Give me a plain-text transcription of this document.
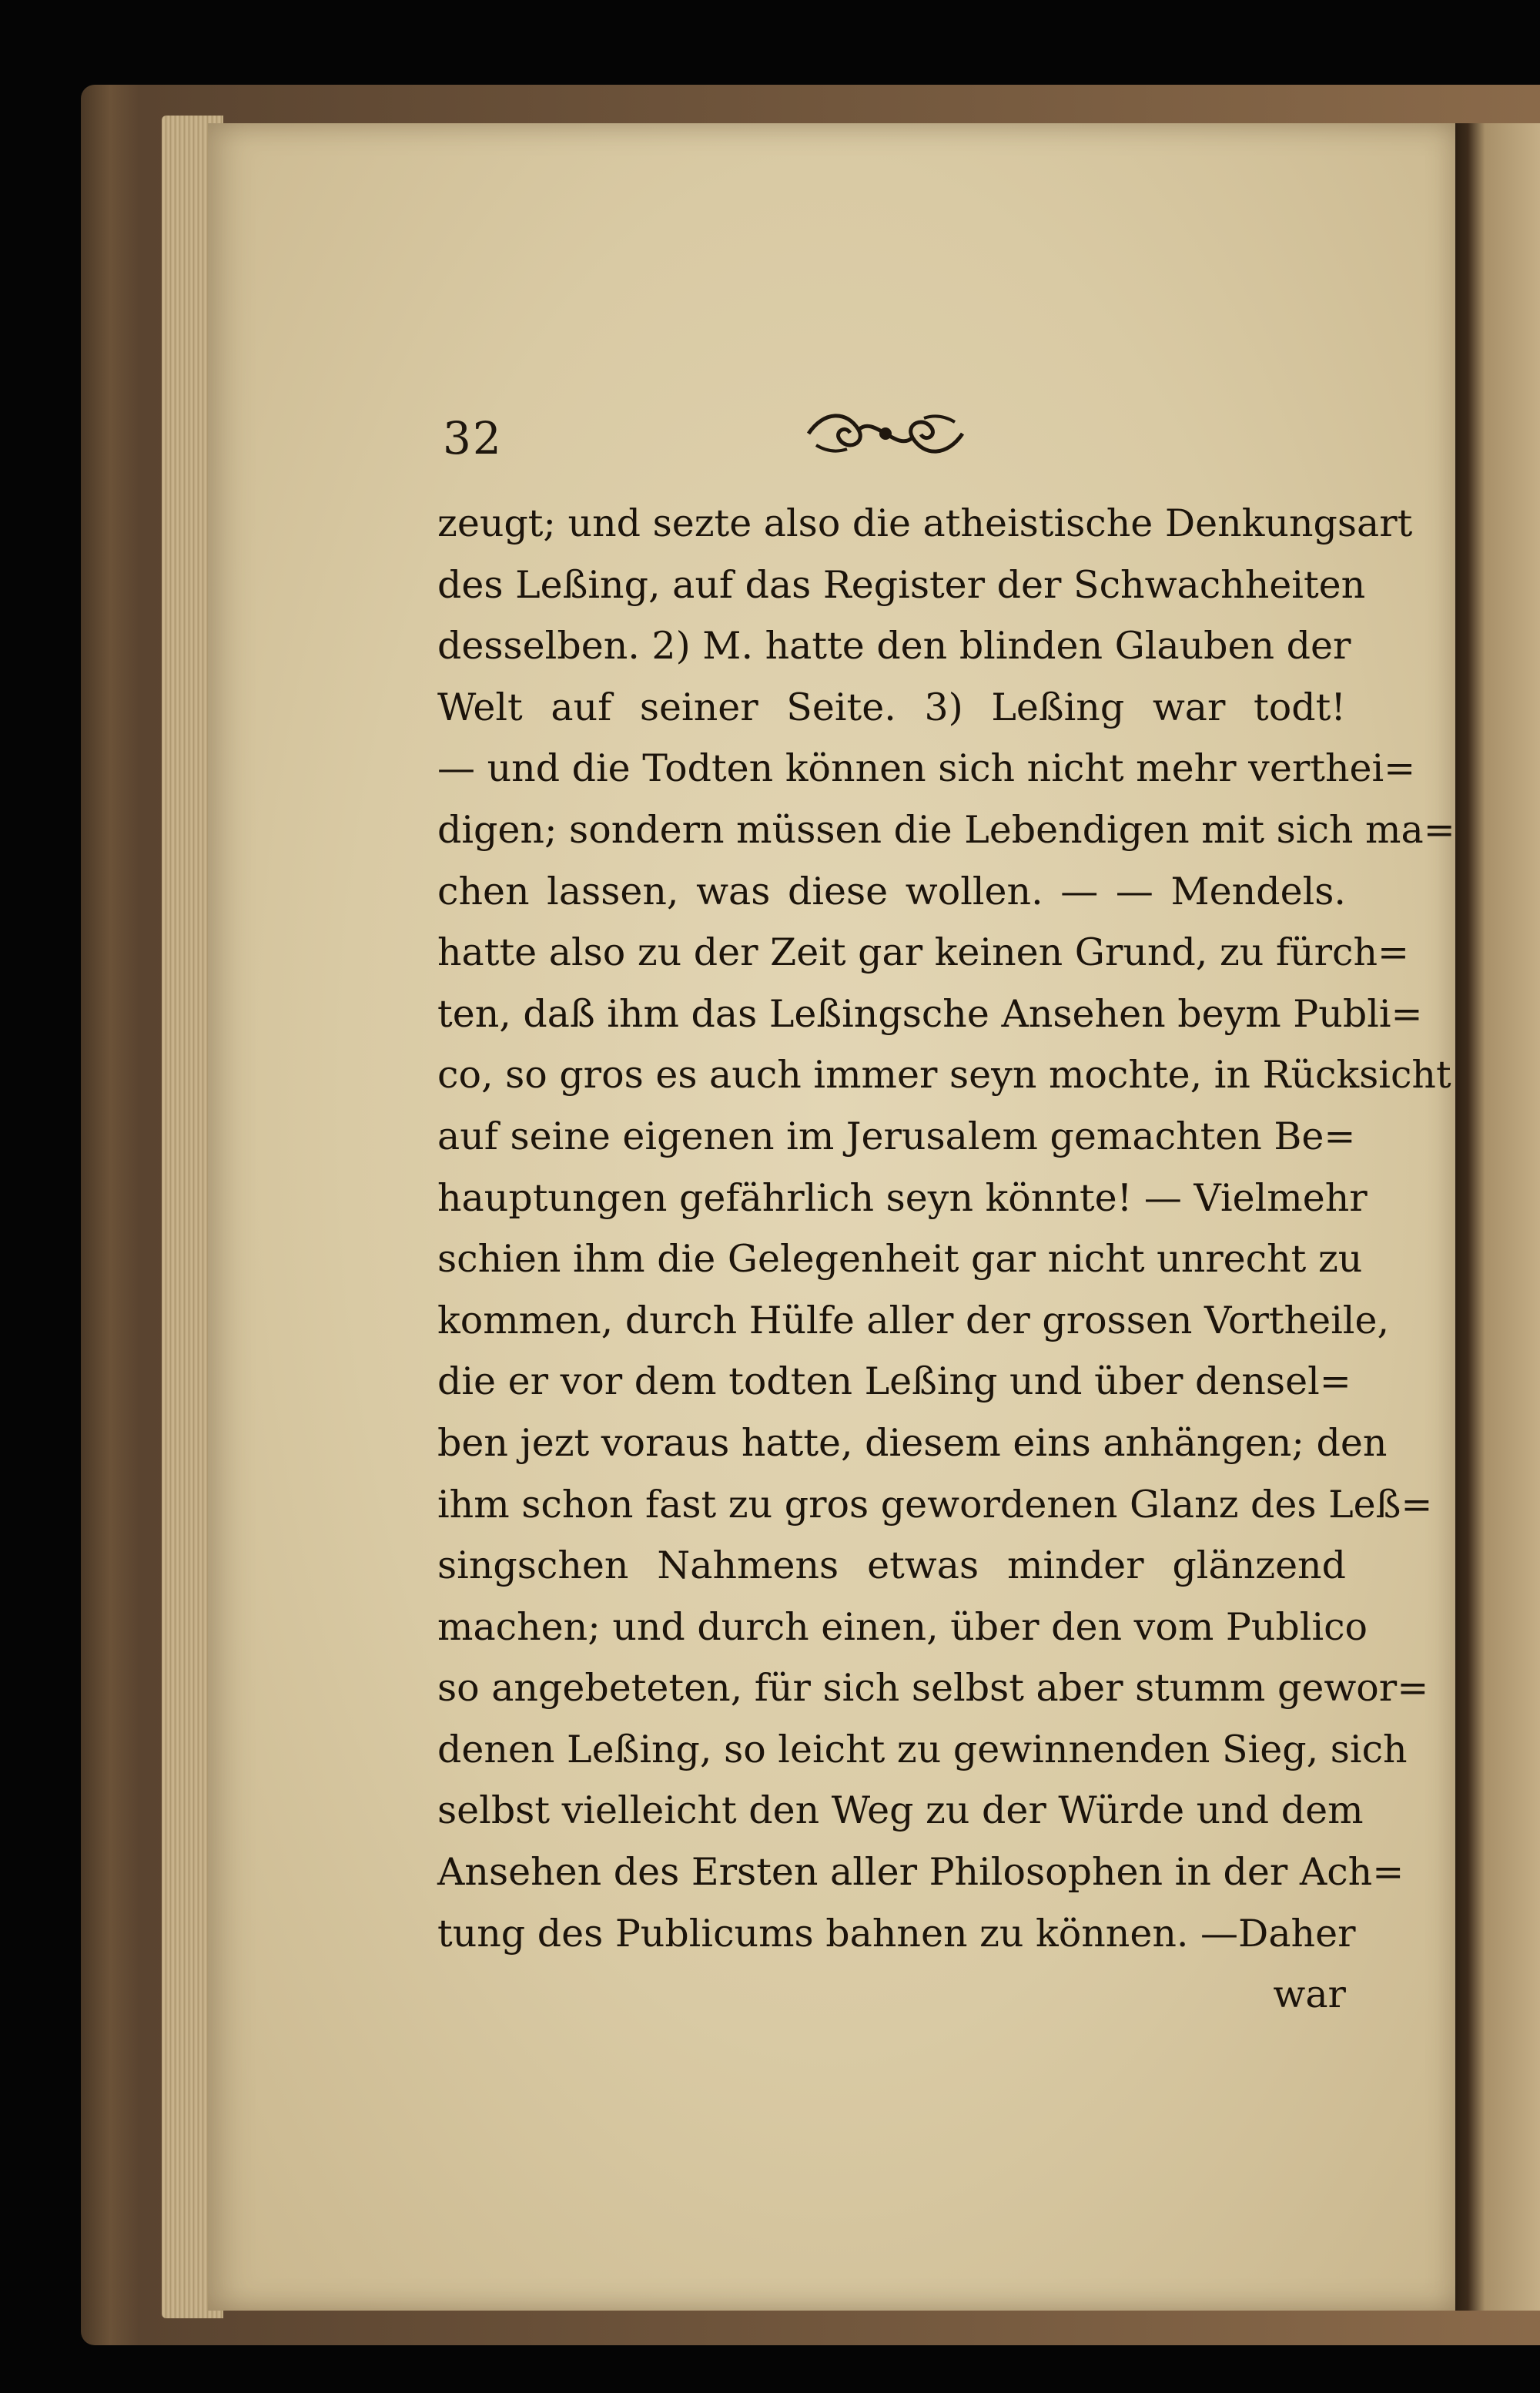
32
zeugt; und sezte also die atheistische Denkungsart
des Leßing, auf das Register der Schwachheiten
desselben. 2) M. hatte den blinden Glauben der
Welt auf seiner Seite. 3) Leßing war todt!
— und die Todten können sich nicht mehr verthei=
digen; sondern müssen die Lebendigen mit sich ma=
chen lassen, was diese wollen. — — Mendels.
hatte also zu der Zeit gar keinen Grund, zu fürch=
ten, daß ihm das Leßingsche Ansehen beym Publi=
co, so gros es auch immer seyn mochte, in Rücksicht
auf seine eigenen im Jerusalem gemachten Be=
hauptungen gefährlich seyn könnte! — Vielmehr
schien ihm die Gelegenheit gar nicht unrecht zu
kommen, durch Hülfe aller der grossen Vortheile,
die er vor dem todten Leßing und über densel=
ben jezt voraus hatte, diesem eins anhängen; den
ihm schon fast zu gros gewordenen Glanz des Leß=
singschen Nahmens etwas minder glänzend
machen; und durch einen, über den vom Publico
so angebeteten, für sich selbst aber stumm gewor=
denen Leßing, so leicht zu gewinnenden Sieg, sich
selbst vielleicht den Weg zu der Würde und dem
Ansehen des Ersten aller Philosophen in der Ach=
tung des Publicums bahnen zu können. —Daher
war
